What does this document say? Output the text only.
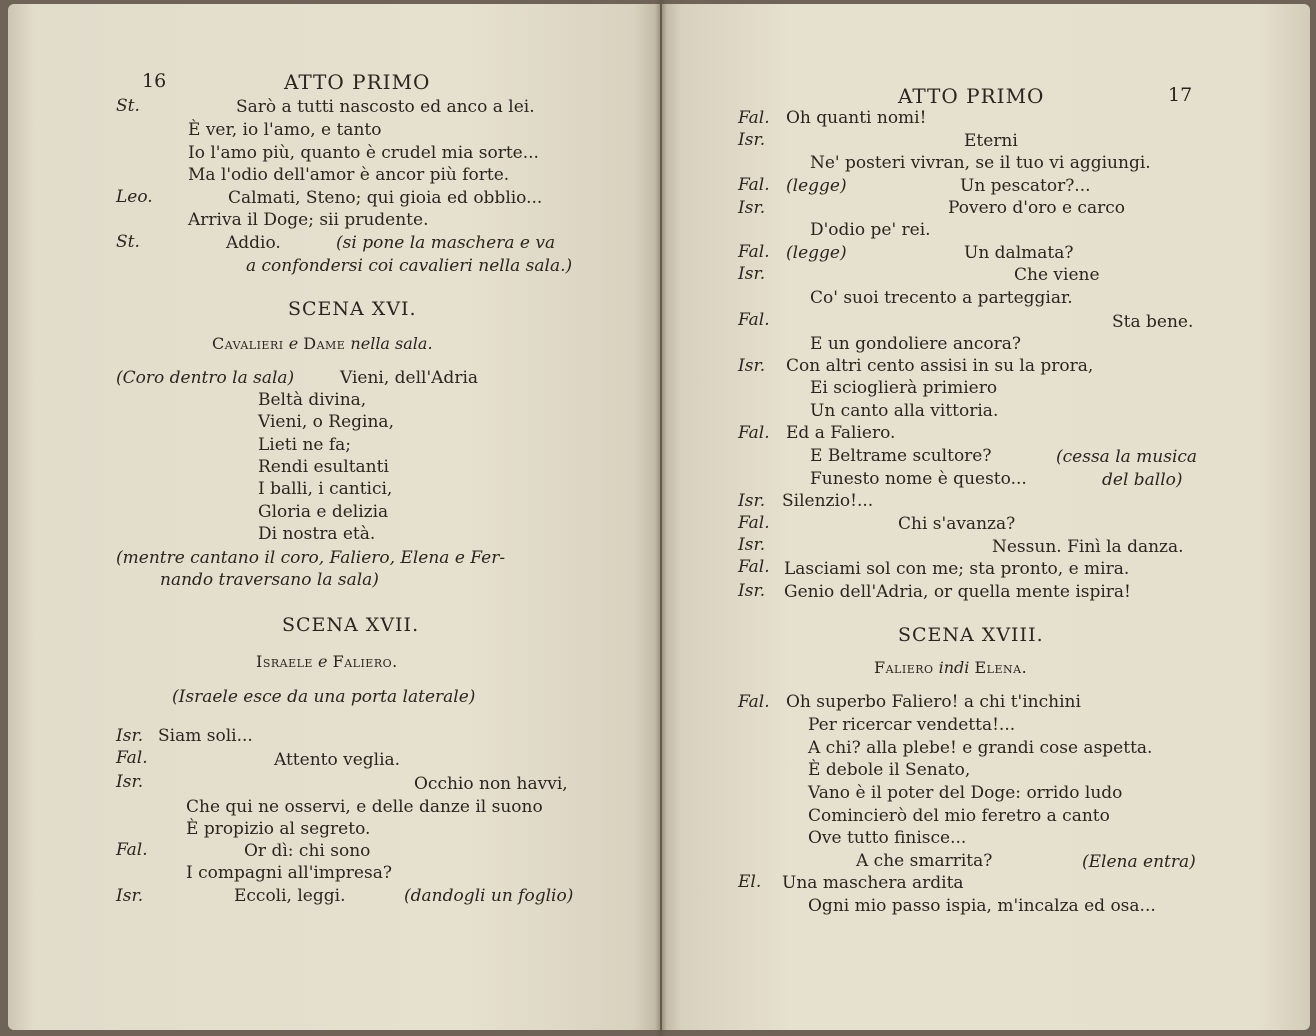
16	ATTO PRIMO
St.	Sarò a tutti nascosto ed anco a lei.
È ver, io l'amo, e tanto
Io l'amo più, quanto è crudel mia sorte...
Ma l'odio dell'amor è ancor più forte.
Leo.	Calmati, Steno; qui gioia ed obblio...
Arriva il Doge; sii prudente.
St.	Addio.	(si pone la maschera e va
a confondersi coi cavalieri nella sala.)
SCENA XVI.
Cavalieri e Dame nella sala.
(Coro dentro la sala)	Vieni, dell'Adria
Beltà divina,
Vieni, o Regina,
Lieti ne fa;
Rendi esultanti
I balli, i cantici,
Gloria e delizia
Di nostra età.
(mentre cantano il coro, Faliero, Elena e Fer-
nando traversano la sala)
SCENA XVII.
Israele e Faliero.
(Israele esce da una porta laterale)
Isr. Siam soli...
Fal.	Attento veglia.
Isr.	Occhio non havvi,
Che qui ne osservi, e delle danze il suono
È propizio al segreto.
Fal.	Or dì: chi sono
I compagni all'impresa?
Isr.	Eccoli, leggi.	(dandogli un foglio)
ATTO PRIMO	17
Fal. Oh quanti nomi!
Isr.	Eterni
Ne' posteri vivran, se il tuo vi aggiungi.
Fal. (legge)	Un pescator?...
Isr.	Povero d'oro e carco
D'odio pe' rei.
Fal. (legge)	Un dalmata?
Isr.	Che viene
Co' suoi trecento a parteggiar.
Fal.	Sta bene.
E un gondoliere ancora?
Isr. Con altri cento assisi in su la prora,
Ei scioglierà primiero
Un canto alla vittoria.
Fal. Ed a Faliero.
E Beltrame scultore?	(cessa la musica
Funesto nome è questo...	del ballo)
Isr. Silenzio!...
Fal.	Chi s'avanza?
Isr.	Nessun. Finì la danza.
Fal. Lasciami sol con me; sta pronto, e mira.
Isr. Genio dell'Adria, or quella mente ispira!
SCENA XVIII.
Faliero indi Elena.
Fal. Oh superbo Faliero! a chi t'inchini
Per ricercar vendetta!...
A chi? alla plebe! e grandi cose aspetta.
È debole il Senato,
Vano è il poter del Doge: orrido ludo
Comincierò del mio feretro a canto
Ove tutto finisce...
A che smarrita?	(Elena entra)
El. Una maschera ardita
Ogni mio passo ispia, m'incalza ed osa...
